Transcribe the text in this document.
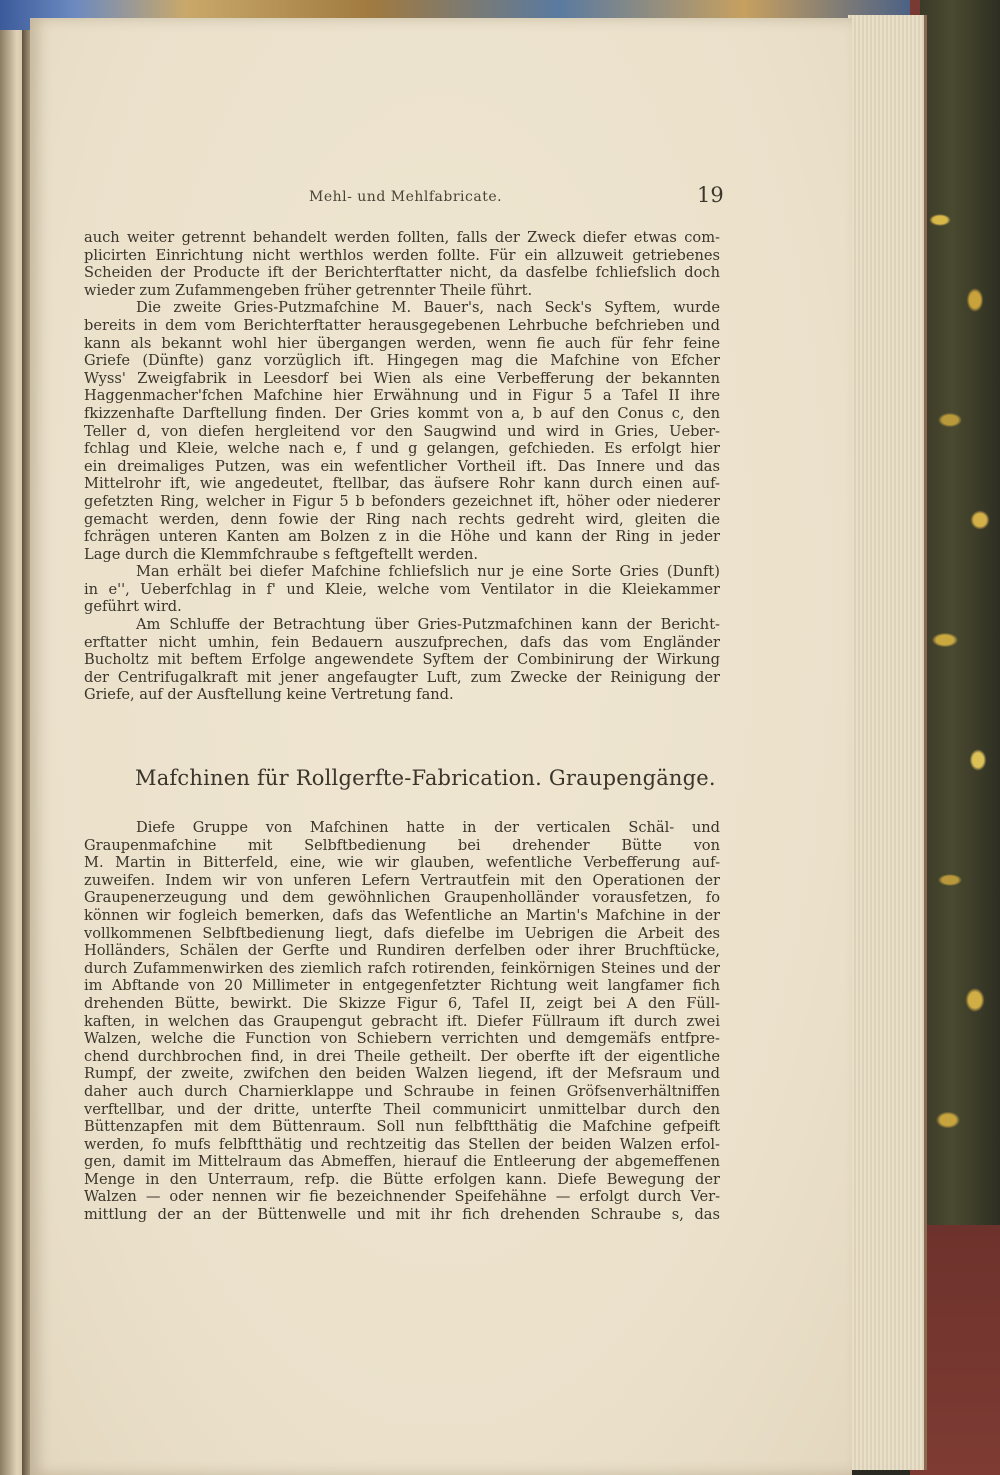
Mehl- und Mehlfabricate.	19
auch weiter getrennt behandelt werden follten, falls der Zweck diefer etwas com-
plicirten Einrichtung nicht werthlos werden follte. Für ein allzuweit getriebenes
Scheiden der Producte ift der Berichterftatter nicht, da dasfelbe fchliefslich doch
wieder zum Zufammengeben früher getrennter Theile führt.
Die zweite Gries-Putzmafchine M. Bauer's, nach Seck's Syftem, wurde
bereits in dem vom Berichterftatter herausgegebenen Lehrbuche befchrieben und
kann als bekannt wohl hier übergangen werden, wenn fie auch für fehr feine
Griefe (Dünfte) ganz vorzüglich ift. Hingegen mag die Mafchine von Efcher
Wyss' Zweigfabrik in Leesdorf bei Wien als eine Verbefferung der bekannten
Haggenmacher'fchen Mafchine hier Erwähnung und in Figur 5 a Tafel II ihre
fkizzenhafte Darftellung finden. Der Gries kommt von a, b auf den Conus c, den
Teller d, von diefen hergleitend vor den Saugwind und wird in Gries, Ueber-
fchlag und Kleie, welche nach e, f und g gelangen, gefchieden. Es erfolgt hier
ein dreimaliges Putzen, was ein wefentlicher Vortheil ift. Das Innere und das
Mittelrohr ift, wie angedeutet, ftellbar, das äufsere Rohr kann durch einen auf-
gefetzten Ring, welcher in Figur 5 b befonders gezeichnet ift, höher oder niederer
gemacht werden, denn fowie der Ring nach rechts gedreht wird, gleiten die
fchrägen unteren Kanten am Bolzen z in die Höhe und kann der Ring in jeder
Lage durch die Klemmfchraube s feftgeftellt werden.
Man erhält bei diefer Mafchine fchliefslich nur je eine Sorte Gries (Dunft)
in e'', Ueberfchlag in f' und Kleie, welche vom Ventilator in die Kleiekammer
geführt wird.
Am Schluffe der Betrachtung über Gries-Putzmafchinen kann der Bericht-
erftatter nicht umhin, fein Bedauern auszufprechen, dafs das vom Engländer
Bucholtz mit beftem Erfolge angewendete Syftem der Combinirung der Wirkung
der Centrifugalkraft mit jener angefaugter Luft, zum Zwecke der Reinigung der
Griefe, auf der Ausftellung keine Vertretung fand.
Mafchinen für Rollgerfte-Fabrication. Graupengänge.
Diefe Gruppe von Mafchinen hatte in der verticalen Schäl- und
Graupenmafchine mit Selbftbedienung bei drehender Bütte von
M. Martin in Bitterfeld, eine, wie wir glauben, wefentliche Verbefferung auf-
zuweifen. Indem wir von unferen Lefern Vertrautfein mit den Operationen der
Graupenerzeugung und dem gewöhnlichen Graupenholländer vorausfetzen, fo
können wir fogleich bemerken, dafs das Wefentliche an Martin's Mafchine in der
vollkommenen Selbftbedienung liegt, dafs diefelbe im Uebrigen die Arbeit des
Holländers, Schälen der Gerfte und Rundiren derfelben oder ihrer Bruchftücke,
durch Zufammenwirken des ziemlich rafch rotirenden, feinkörnigen Steines und der
im Abftande von 20 Millimeter in entgegenfetzter Richtung weit langfamer fich
drehenden Bütte, bewirkt. Die Skizze Figur 6, Tafel II, zeigt bei A den Füll-
kaften, in welchen das Graupengut gebracht ift. Diefer Füllraum ift durch zwei
Walzen, welche die Function von Schiebern verrichten und demgemäfs entfpre-
chend durchbrochen find, in drei Theile getheilt. Der oberfte ift der eigentliche
Rumpf, der zweite, zwifchen den beiden Walzen liegend, ift der Mefsraum und
daher auch durch Charnierklappe und Schraube in feinen Gröfsenverhältniffen
verftellbar, und der dritte, unterfte Theil communicirt unmittelbar durch den
Büttenzapfen mit dem Büttenraum. Soll nun felbftthätig die Mafchine gefpeift
werden, fo mufs felbftthätig und rechtzeitig das Stellen der beiden Walzen erfol-
gen, damit im Mittelraum das Abmeffen, hierauf die Entleerung der abgemeffenen
Menge in den Unterraum, refp. die Bütte erfolgen kann. Diefe Bewegung der
Walzen — oder nennen wir fie bezeichnender Speifehähne — erfolgt durch Ver-
mittlung der an der Büttenwelle und mit ihr fich drehenden Schraube s, das
